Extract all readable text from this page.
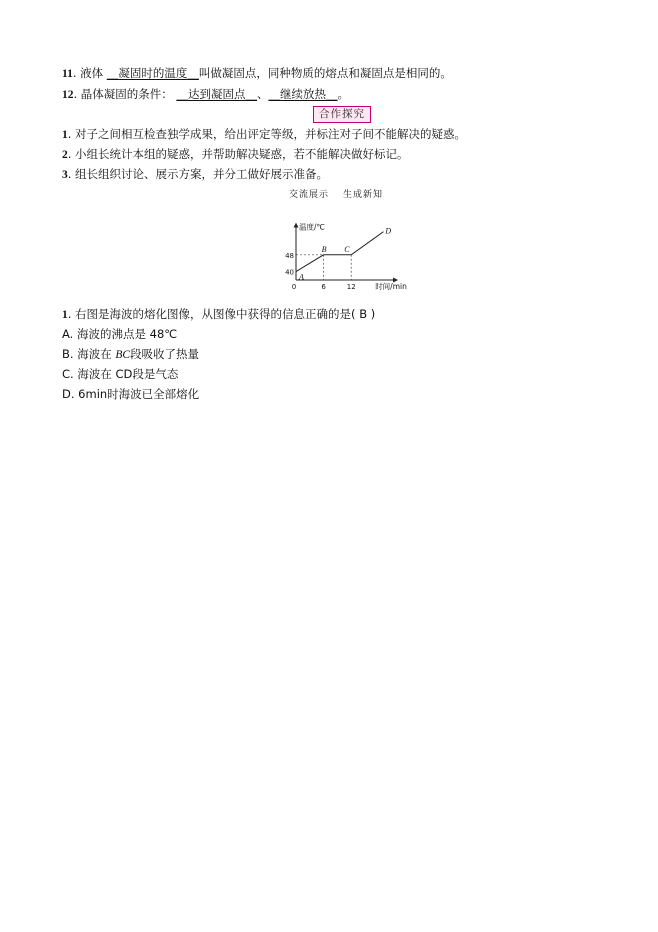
11. 液体 __凝固时的温度__叫做凝固点，同种物质的熔点和凝固点是相同的。
12. 晶体凝固的条件： __达到凝固点__、__继续放热__。
合作探究
1. 对子之间相互检查独学成果，给出评定等级，并标注对子间不能解决的疑惑。
2. 小组长统计本组的疑惑，并帮助解决疑惑，若不能解决做好标记。
3. 组长组织讨论、展示方案，并分工做好展示准备。
交流展示 生成新知
温度/℃
时间/min
0	6	12
40
48
A
B C
D
1. 右图是海波的熔化图像，从图像中获得的信息正确的是( B )
A. 海波的沸点是 48℃
B. 海波在 BC段吸收了热量
C. 海波在 CD段是气态
D. 6min时海波已全部熔化
